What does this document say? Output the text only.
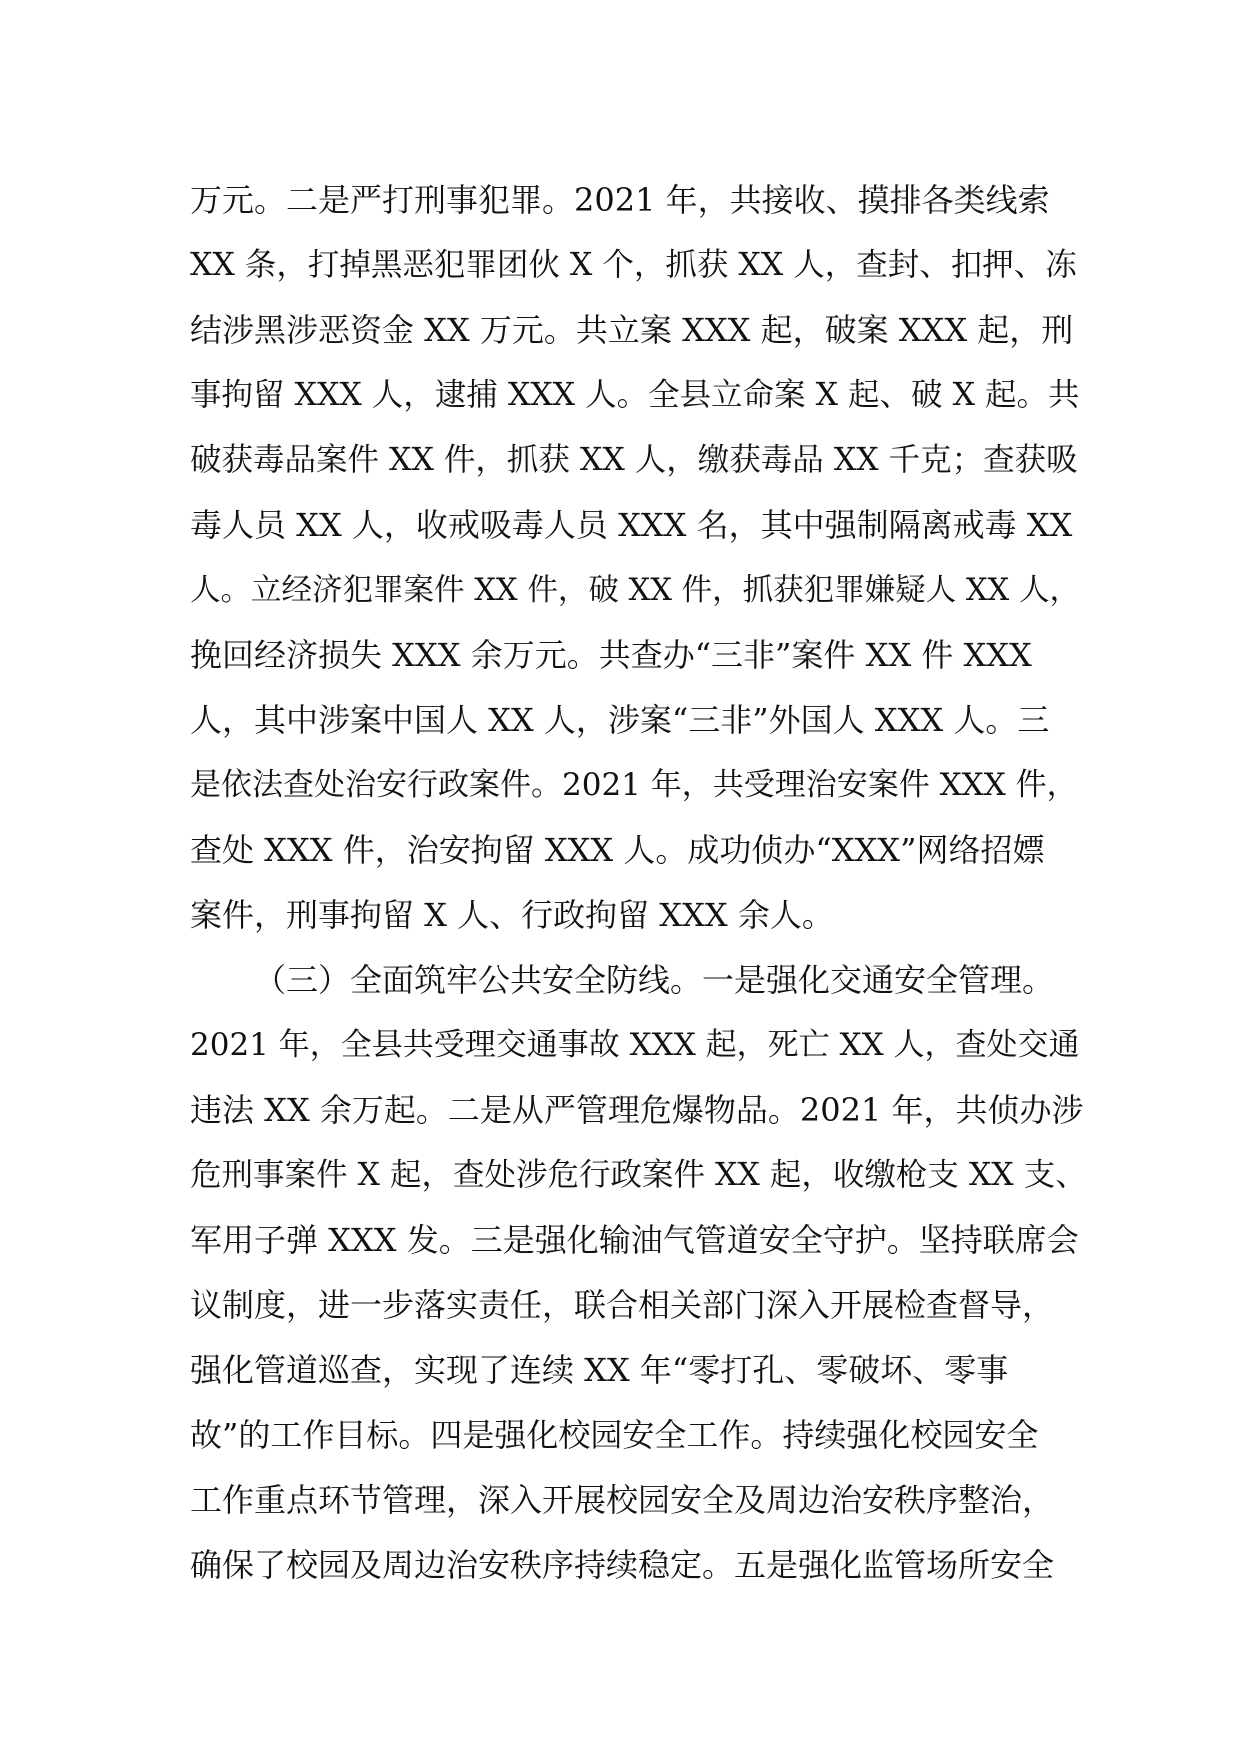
万元。二是严打刑事犯罪。2021 年，共接收、摸排各类线索
XX 条，打掉黑恶犯罪团伙 X 个，抓获 XX 人，查封、扣押、冻
结涉黑涉恶资金 XX 万元。共立案 XXX 起，破案 XXX 起，刑
事拘留 XXX 人，逮捕 XXX 人。全县立命案 X 起、破 X 起。共
破获毒品案件 XX 件，抓获 XX 人，缴获毒品 XX 千克；查获吸
毒人员 XX 人，收戒吸毒人员 XXX 名，其中强制隔离戒毒 XX
人。立经济犯罪案件 XX 件，破 XX 件，抓获犯罪嫌疑人 XX 人，
挽回经济损失 XXX 余万元。共查办“三非”案件 XX 件 XXX
人，其中涉案中国人 XX 人，涉案“三非”外国人 XXX 人。三
是依法查处治安行政案件。2021 年，共受理治安案件 XXX 件，
查处 XXX 件，治安拘留 XXX 人。成功侦办“XXX”网络招嫖
案件，刑事拘留 X 人、行政拘留 XXX 余人。
（三）全面筑牢公共安全防线。一是强化交通安全管理。
2021 年，全县共受理交通事故 XXX 起，死亡 XX 人，查处交通
违法 XX 余万起。二是从严管理危爆物品。2021 年，共侦办涉
危刑事案件 X 起，查处涉危行政案件 XX 起，收缴枪支 XX 支、
军用子弹 XXX 发。三是强化输油气管道安全守护。坚持联席会
议制度，进一步落实责任，联合相关部门深入开展检查督导，
强化管道巡查，实现了连续 XX 年“零打孔、零破坏、零事
故”的工作目标。四是强化校园安全工作。持续强化校园安全
工作重点环节管理，深入开展校园安全及周边治安秩序整治，
确保了校园及周边治安秩序持续稳定。五是强化监管场所安全
